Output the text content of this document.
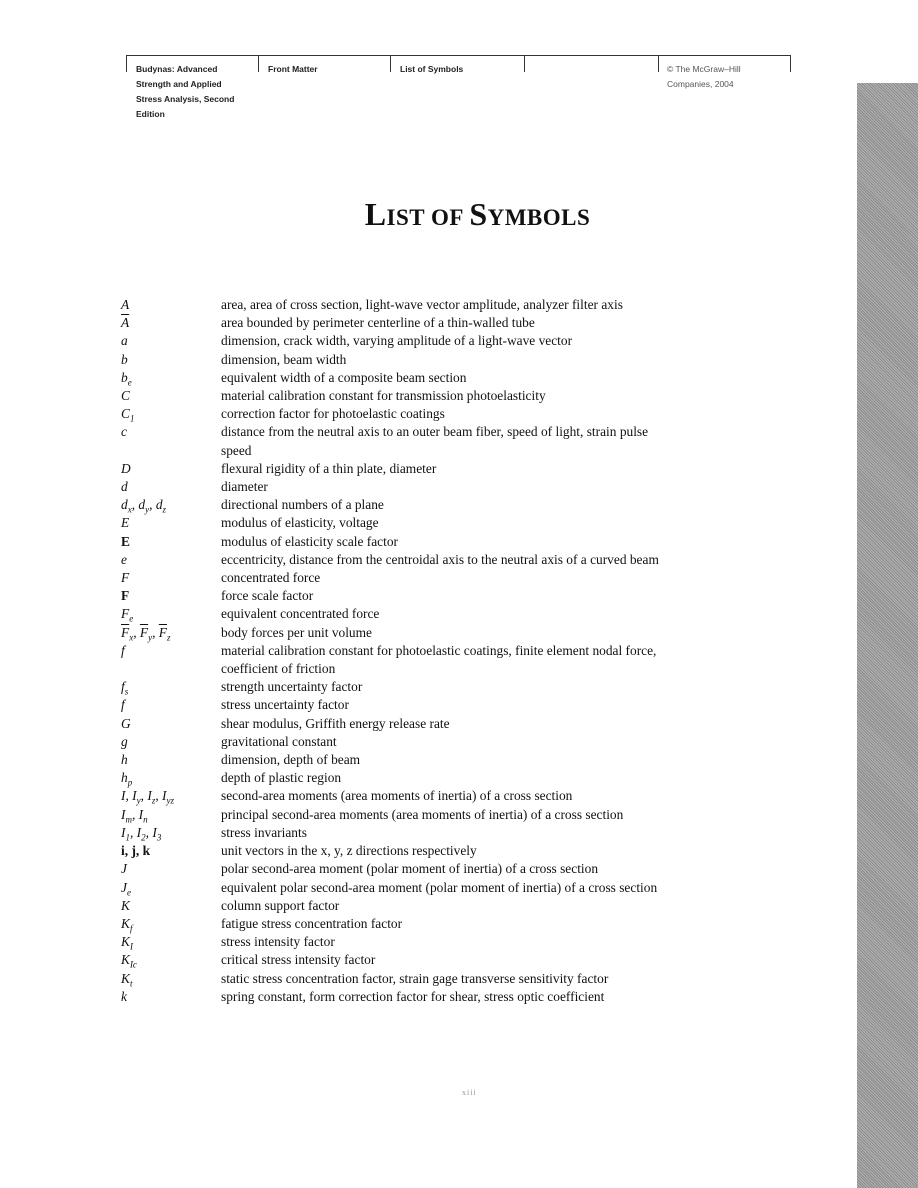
Budynas: Advanced
Strength and Applied
Stress Analysis, Second
Edition
Front Matter	List of Symbols	© The McGraw–Hill
Companies, 2004
LIST OF SYMBOLS
A	area, area of cross section, light-wave vector amplitude, analyzer filter axis
$\overline{A}$	area bounded by perimeter centerline of a thin-walled tube
a	dimension, crack width, varying amplitude of a light-wave vector
b	dimension, beam width
$b_e$	equivalent width of a composite beam section
C	material calibration constant for transmission photoelasticity
$C_1$	correction factor for photoelastic coatings
c	distance from the neutral axis to an outer beam fiber, speed of light, strain pulse speed
D	flexural rigidity of a thin plate, diameter
d	diameter
$d_x$, $d_y$, $d_z$	directional numbers of a plane
E	modulus of elasticity, voltage
E	modulus of elasticity scale factor
e	eccentricity, distance from the centroidal axis to the neutral axis of a curved beam
F	concentrated force
F	force scale factor
$F_e$	equivalent concentrated force
$\overline{F}_x$, $\overline{F}_y$, $\overline{F}_z$	body forces per unit volume
f	material calibration constant for photoelastic coatings, finite element nodal force, coefficient of friction
$f_s$	strength uncertainty factor
f	stress uncertainty factor
G	shear modulus, Griffith energy release rate
g	gravitational constant
h	dimension, depth of beam
$h_p$	depth of plastic region
I, $I_y$, $I_z$, $I_{yz}$	second-area moments (area moments of inertia) of a cross section
$I_m$, $I_n$	principal second-area moments (area moments of inertia) of a cross section
$I_1$, $I_2$, $I_3$	stress invariants
i, j, k	unit vectors in the x, y, z directions respectively
J	polar second-area moment (polar moment of inertia) of a cross section
$J_e$	equivalent polar second-area moment (polar moment of inertia) of a cross section
K	column support factor
$K_f$	fatigue stress concentration factor
$K_I$	stress intensity factor
$K_{Ic}$	critical stress intensity factor
$K_t$	static stress concentration factor, strain gage transverse sensitivity factor
k	spring constant, form correction factor for shear, stress optic coefficient
xiii
